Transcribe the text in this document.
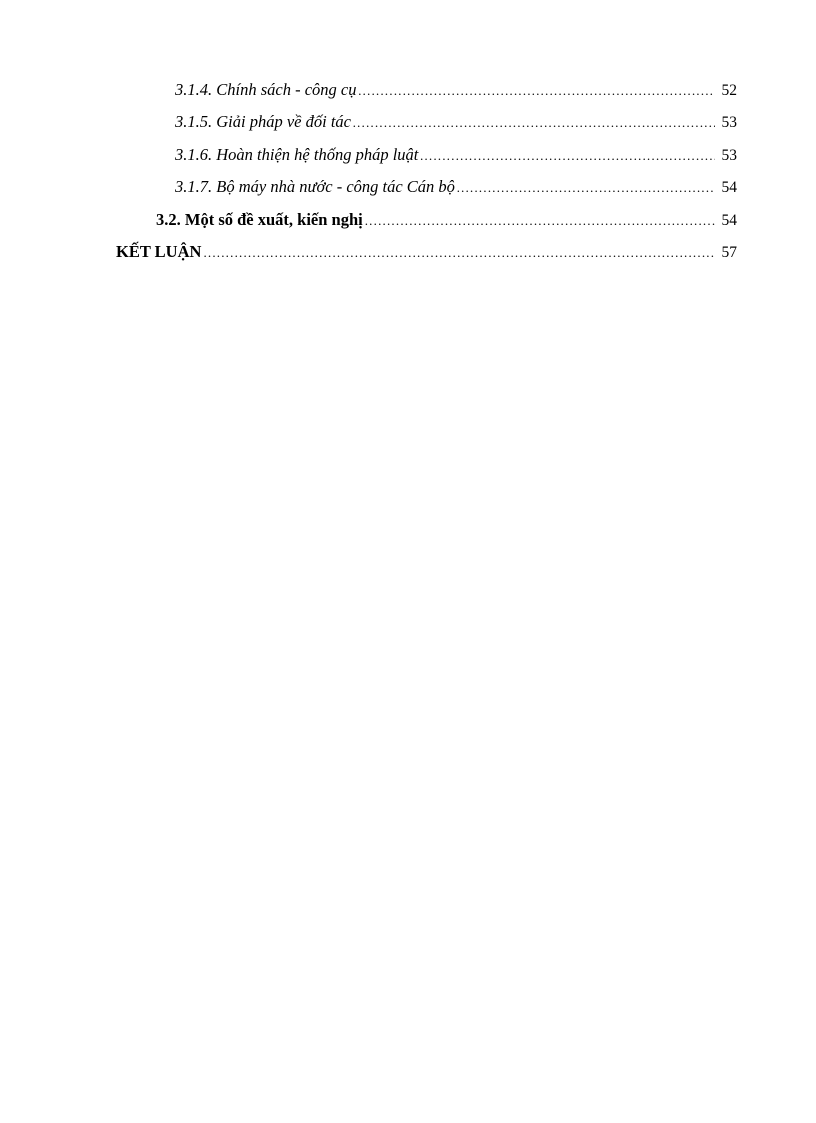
3.1.4. Chính sách - công cụ .....	52
3.1.5. Giải pháp về đối tác .....	53
3.1.6. Hoàn thiện hệ thống pháp luật .....	53
3.1.7. Bộ máy nhà nước - công tác Cán bộ .....	54
3.2. Một số đề xuất, kiến nghị .....	54
KẾT LUẬN .....	57
